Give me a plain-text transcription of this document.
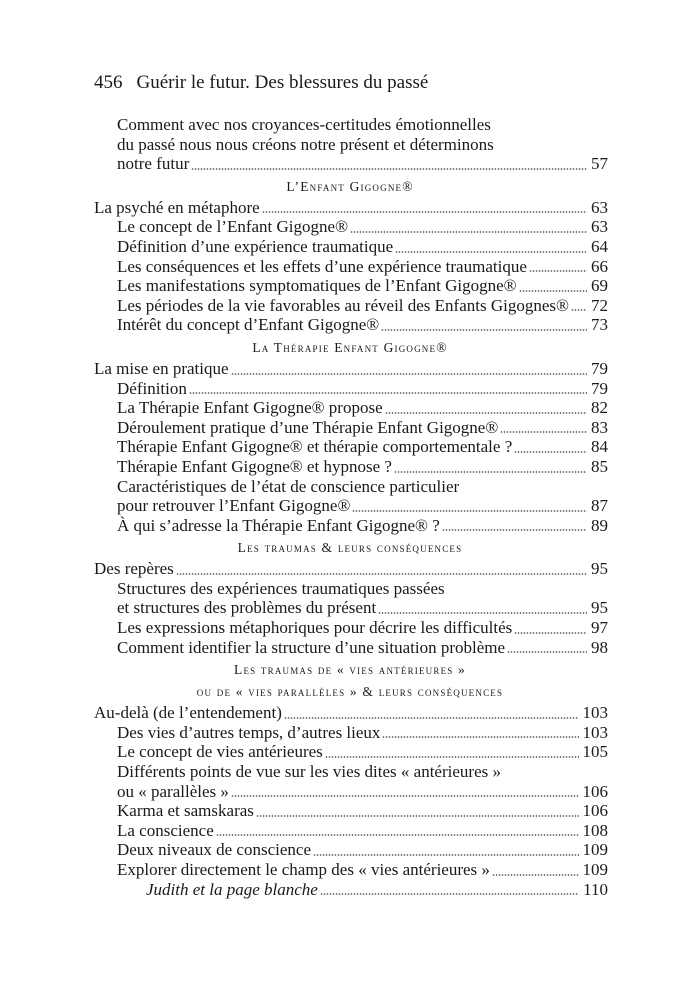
456 Guérir le futur. Des blessures du passé
Comment avec nos croyances-certitudes émotionnelles
du passé nous nous créons notre présent et déterminons
notre futur	57
L’Enfant Gigogne®
La psyché en métaphore	63
Le concept de l’Enfant Gigogne®	63
Définition d’une expérience traumatique	64
Les conséquences et les effets d’une expérience traumatique	66
Les manifestations symptomatiques de l’Enfant Gigogne®	69
Les périodes de la vie favorables au réveil des Enfants Gigognes® 72
Intérêt du concept d’Enfant Gigogne®	73
La Thérapie Enfant Gigogne®
La mise en pratique	79
Définition	79
La Thérapie Enfant Gigogne® propose	82
Déroulement pratique d’une Thérapie Enfant Gigogne®	83
Thérapie Enfant Gigogne® et thérapie comportementale ?	84
Thérapie Enfant Gigogne® et hypnose ?	85
Caractéristiques de l’état de conscience particulier
pour retrouver l’Enfant Gigogne®	87
À qui s’adresse la Thérapie Enfant Gigogne® ?	89
Les traumas & leurs conséquences
Des repères	95
Structures des expériences traumatiques passées
et structures des problèmes du présent	95
Les expressions métaphoriques pour décrire les difficultés	97
Comment identifier la structure d’une situation problème	98
Les traumas de « vies antérieures »
ou de « vies parallèles » & leurs conséquences
Au-delà (de l’entendement)	103
Des vies d’autres temps, d’autres lieux	103
Le concept de vies antérieures	105
Différents points de vue sur les vies dites « antérieures »
ou « parallèles »	106
Karma et samskaras	106
La conscience	108
Deux niveaux de conscience	109
Explorer directement le champ des « vies antérieures »	109
Judith et la page blanche	110
